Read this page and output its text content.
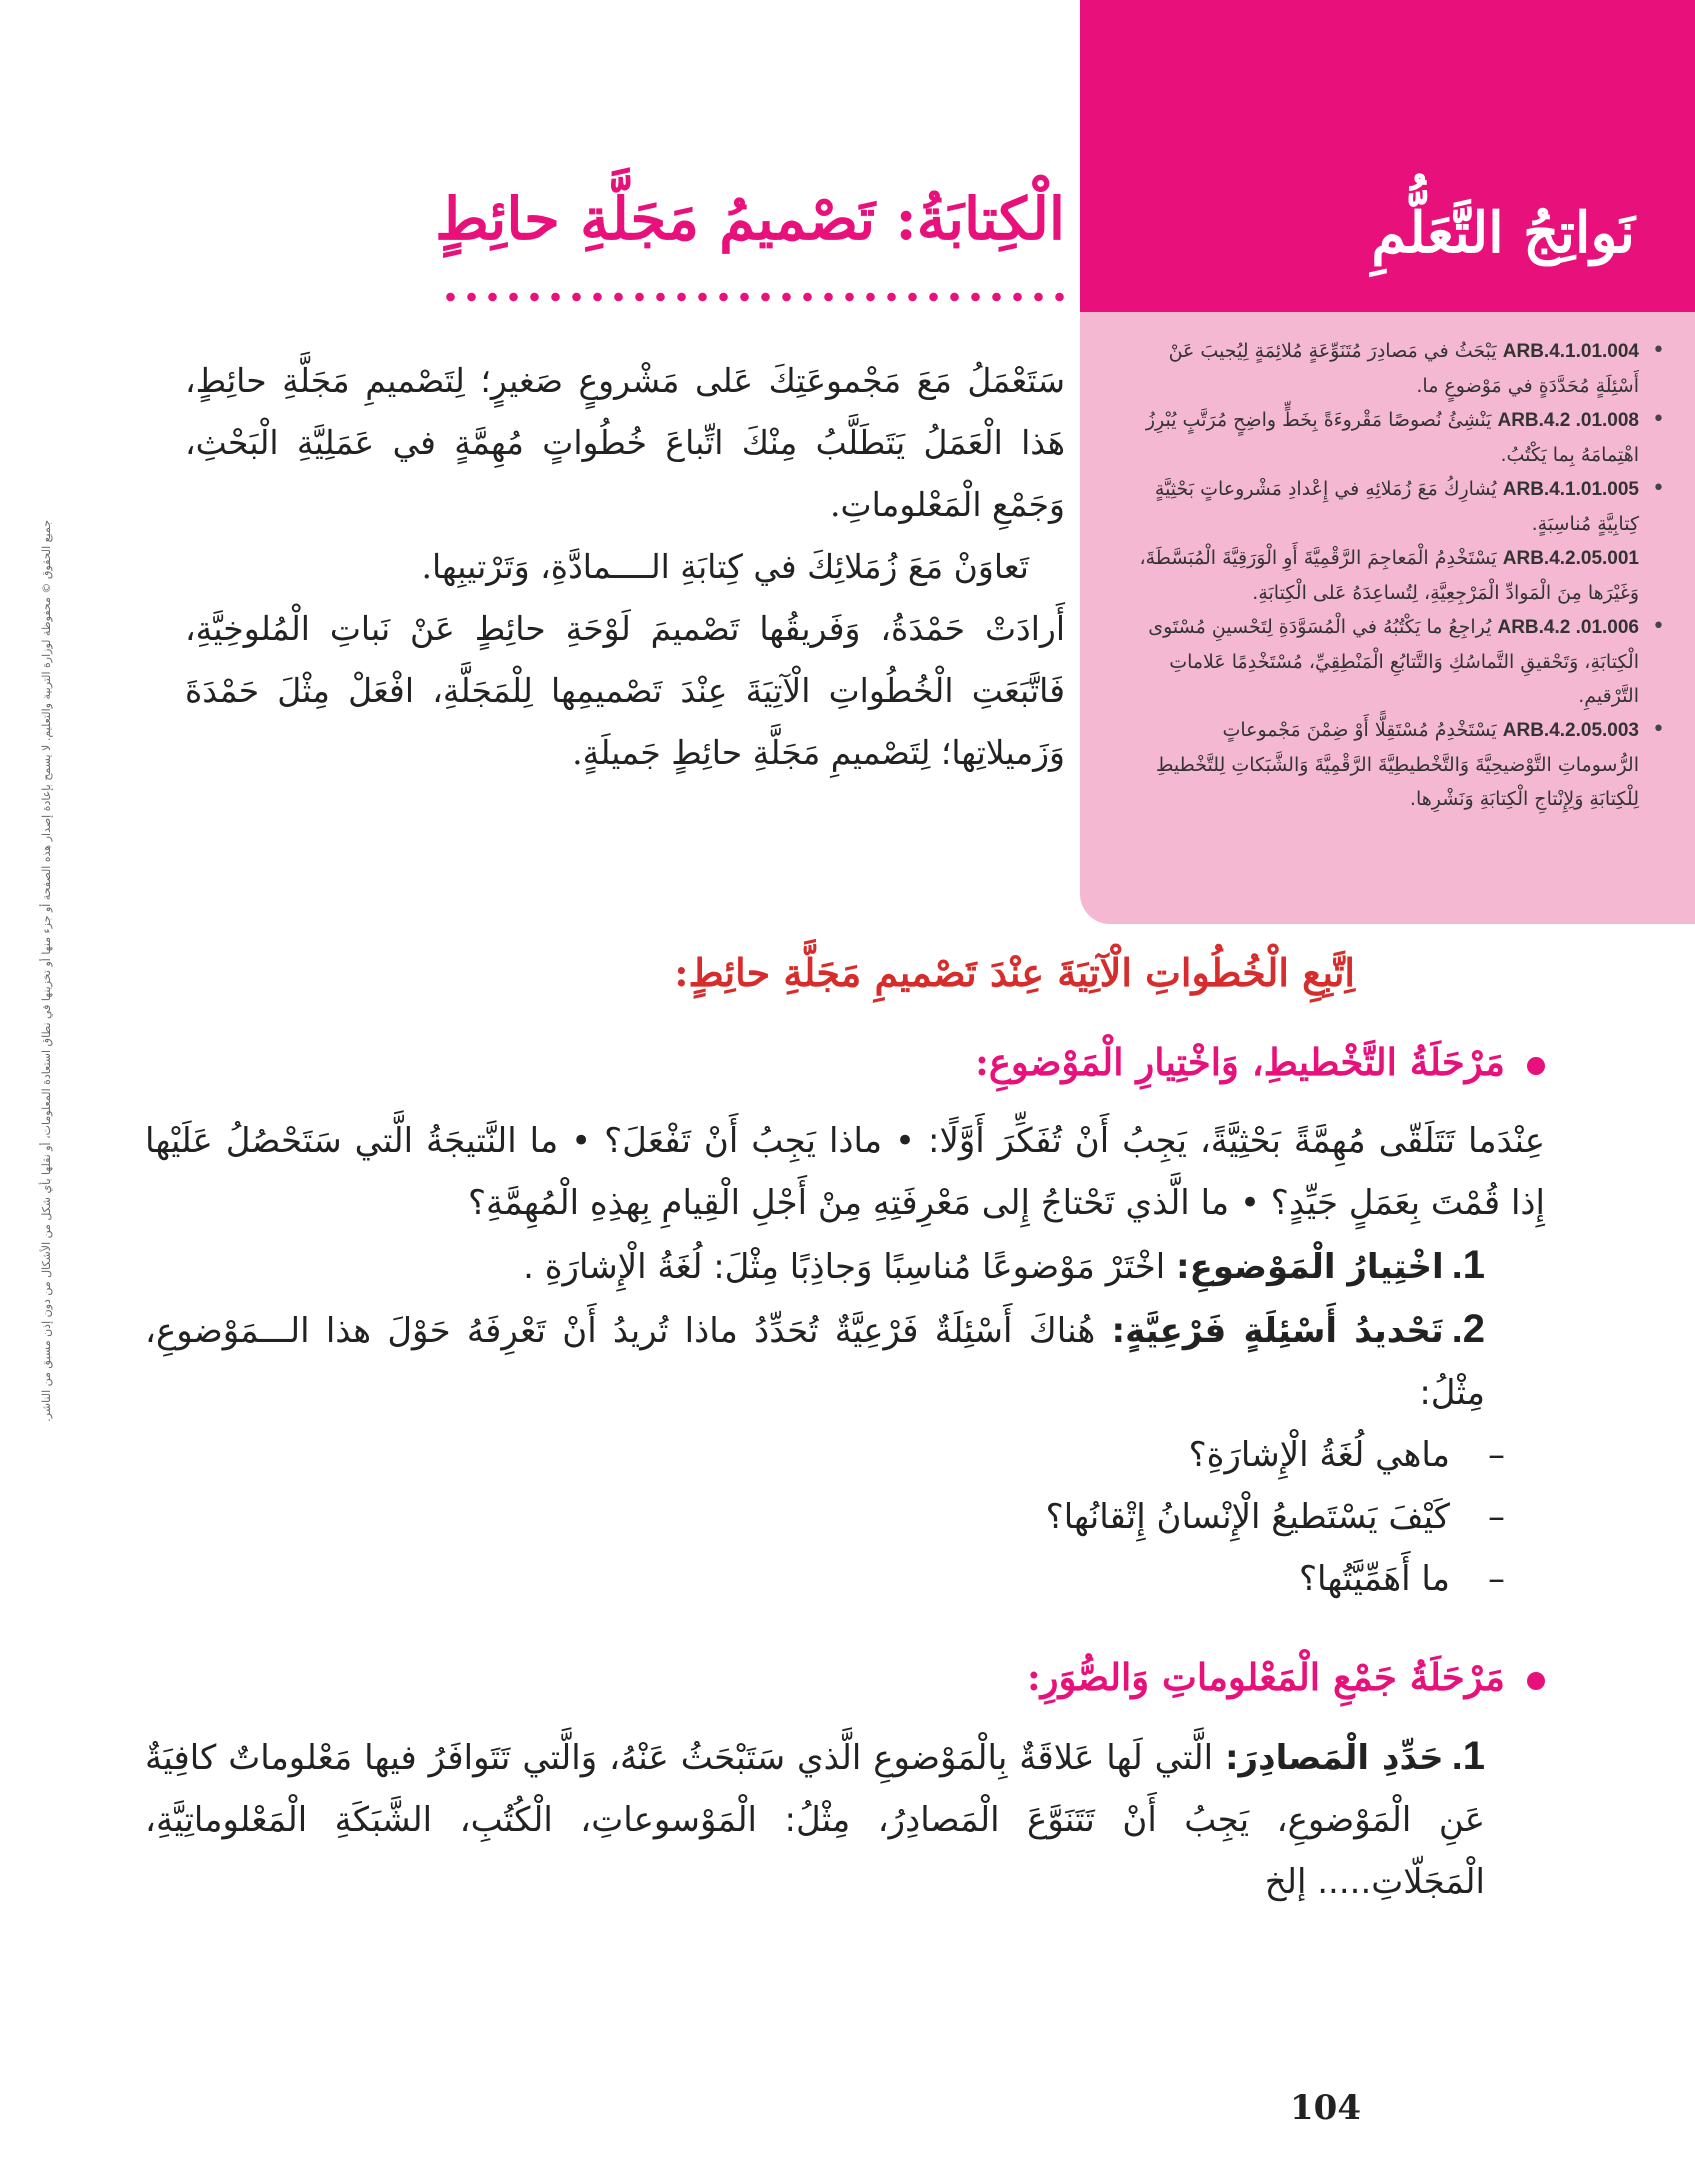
نَواتِجُ التَّعَلُّمِ
•
ARB.4.1.01.004 يَبْحَثُ في مَصادِرَ مُتَنَوِّعَةٍ مُلائِمَةٍ لِيُجيبَ عَنْ أَسْئِلَةٍ مُحَدَّدَةٍ في مَوْضوعٍ ما.
•
ARB.4.2 .01.008 يَنْشِئُ نُصوصًا مَقْروءَةً بِخَطٍّ واضِحٍ مُرَتَّبٍ يُبْرِزُ اهْتِمامَهُ بِما يَكْتُبُ.
•
ARB.4.1.01.005 يُشارِكُ مَعَ زُمَلائِهِ في إِعْدادِ مَشْروعاتٍ بَحْثِيَّةٍ كِتابِيَّةٍ مُناسِبَةٍ.
ARB.4.2.05.001 يَسْتَخْدِمُ الْمَعاجِمَ الرَّقْمِيَّةَ أَوِ الْوَرَقِيَّةَ الْمُبَسَّطَةَ، وَغَيْرَها مِنَ الْمَوادِّ الْمَرْجِعِيَّةِ، لِتُساعِدَهُ عَلى الْكِتابَةِ.
•
ARB.4.2 .01.006 يُراجِعُ ما يَكْتُبُهُ في الْمُسَوَّدَةِ لِتَحْسينِ مُسْتَوى الْكِتابَةِ، وَتَحْقيقِ التَّماسُكِ وَالتَّتابُعِ الْمَنْطِقِيِّ، مُسْتَخْدِمًا عَلاماتِ التَّرْقيمِ.
•
ARB.4.2.05.003 يَسْتَخْدِمُ مُسْتَقِلًّا أَوْ ضِمْنَ مَجْموعاتٍ الرُّسوماتِ التَّوْضيحِيَّةَ وَالتَّخْطيطِيَّةَ الرَّقْمِيَّةَ وَالشَّبَكاتِ لِلتَّخْطيطِ لِلْكِتابَةِ وَلِإِنْتاجِ الْكِتابَةِ وَنَشْرِها.
الْكِتابَةُ: تَصْميمُ مَجَلَّةِ حائِطٍ

سَتَعْمَلُ مَعَ مَجْموعَتِكَ عَلى مَشْروعٍ صَغيرٍ؛ لِتَصْميمِ مَجَلَّةِ حائِطٍ، هَذا الْعَمَلُ يَتَطَلَّبُ مِنْكَ اتِّباعَ خُطُواتٍ مُهِمَّةٍ في عَمَلِيَّةِ الْبَحْثِ، وَجَمْعِ الْمَعْلوماتِ.

تَعاوَنْ مَعَ زُمَلائِكَ في كِتابَةِ الــــمادَّةِ، وَتَرْتيبِها.

أَرادَتْ حَمْدَةُ، وَفَريقُها تَصْميمَ لَوْحَةِ حائِطٍ عَنْ نَباتِ الْمُلوخِيَّةِ، فَاتَّبَعَتِ الْخُطُواتِ الْآتِيَةَ عِنْدَ تَصْميمِها لِلْمَجَلَّةِ، افْعَلْ مِثْلَ حَمْدَةَ وَزَميلاتِها؛ لِتَصْميمِ مَجَلَّةِ حائِطٍ جَميلَةٍ.

اِتَّبِعِ الْخُطُواتِ الْآتِيَةَ عِنْدَ تَصْميمِ مَجَلَّةِ حائِطٍ:
مَرْحَلَةُ التَّخْطيطِ، وَاخْتِيارِ الْمَوْضوعِ:

عِنْدَما تَتَلَقّى مُهِمَّةً بَحْثِيَّةً، يَجِبُ أَنْ تُفَكِّرَ أَوَّلًا: • ماذا يَجِبُ أَنْ تَفْعَلَ؟ • ما النَّتيجَةُ الَّتي سَتَحْصُلُ عَلَيْها إِذا قُمْتَ بِعَمَلٍ جَيِّدٍ؟ • ما الَّذي تَحْتاجُ إِلى مَعْرِفَتِهِ مِنْ أَجْلِ الْقِيامِ بِهذِهِ الْمُهِمَّةِ؟

1.اخْتِيارُ الْمَوْضوعِ: اخْتَرْ مَوْضوعًا مُناسِبًا وَجاذِبًا مِثْلَ: لُغَةُ الْإِشارَةِ .

2.تَحْديدُ أَسْئِلَةٍ فَرْعِيَّةٍ: هُناكَ أَسْئِلَةٌ فَرْعِيَّةٌ تُحَدِّدُ ماذا تُريدُ أَنْ تَعْرِفَهُ حَوْلَ هذا الـــمَوْضوعِ، مِثْلُ:

–
ماهي لُغَةُ الْإِشارَةِ؟
–
كَيْفَ يَسْتَطيعُ الْإِنْسانُ إِتْقانُها؟
–
ما أَهَمِّيَّتُها؟
مَرْحَلَةُ جَمْعِ الْمَعْلوماتِ وَالصُّوَرِ:

1.حَدِّدِ الْمَصادِرَ: الَّتي لَها عَلاقَةٌ بِالْمَوْضوعِ الَّذي سَتَبْحَثُ عَنْهُ، وَالَّتي تَتَوافَرُ فيها مَعْلوماتٌ كافِيَةٌ عَنِ الْمَوْضوعِ، يَجِبُ أَنْ تَتَنَوَّعَ الْمَصادِرُ، مِثْلُ: الْمَوْسوعاتِ، الْكُتُبِ، الشَّبَكَةِ الْمَعْلوماتِيَّةِ، الْمَجَلّاتِ..... إلخ

جميع الحقوق © محفوظة لوزارة التربية والتعليم. لا يسمح بإعادة إصدار هذه الصفحة أو جزء منها أو تخزينها في نطاق استعادة المعلومات، أو نقلها بأي شكل من الأشكال من دون إذن مسبق من الناشر.
104
